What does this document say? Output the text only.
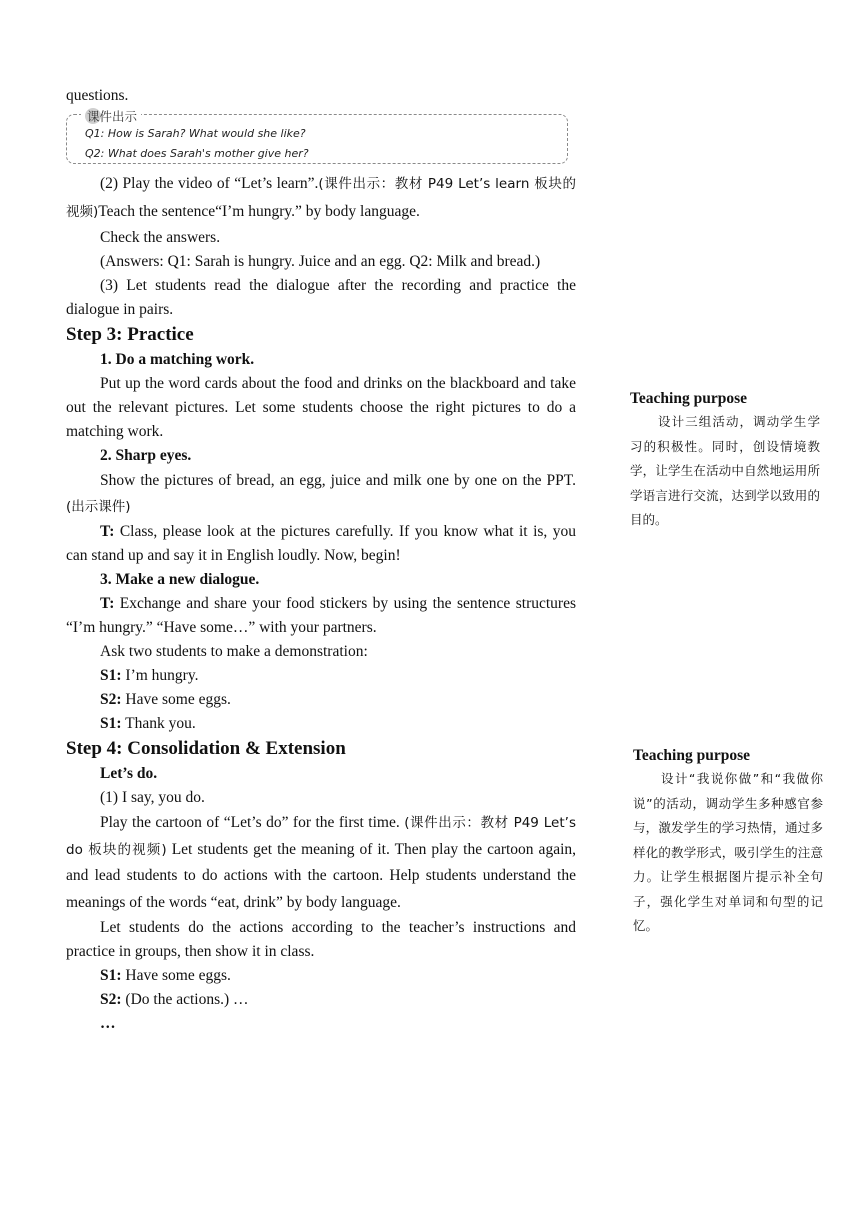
questions.

课件出示
Q1: How is Sarah? What would she like?
Q2: What does Sarah's mother give her?

(2) Play the video of “Let’s learn”.(课件出示：教材 P49 Let’s learn 板块的视频)Teach the sentence“I’m hungry.” by body language.

Check the answers.

(Answers: Q1: Sarah is hungry. Juice and an egg. Q2: Milk and bread.)

(3) Let students read the dialogue after the recording and practice the dialogue in pairs.

Step 3: Practice

1. Do a matching work.

Put up the word cards about the food and drinks on the blackboard and take out the relevant pictures. Let some students choose the right pictures to do a matching work.

2. Sharp eyes.

Show the pictures of bread, an egg, juice and milk one by one on the PPT.(出示课件)

T: Class, please look at the pictures carefully. If you know what it is, you can stand up and say it in English loudly. Now, begin!

3. Make a new dialogue.

T: Exchange and share your food stickers by using the sentence structures “I’m hungry.” “Have some…” with your partners.

Ask two students to make a demonstration:

S1: I’m hungry.

S2: Have some eggs.

S1: Thank you.

Step 4: Consolidation & Extension

Let’s do.

(1) I say, you do.

Play the cartoon of “Let’s do” for the first time. (课件出示：教材 P49 Let’s do 板块的视频) Let students get the meaning of it. Then play the cartoon again, and lead students to do actions with the cartoon. Help students understand the meanings of the words “eat, drink” by body language.

Let students do the actions according to the teacher’s instructions and practice in groups, then show it in class.

S1: Have some eggs.

S2: (Do the actions.) …

…

Teaching purpose

设计三组活动，调动学生学习的积极性。同时，创设情境教学，让学生在活动中自然地运用所学语言进行交流，达到学以致用的目的。

Teaching purpose

设计“我说你做”和“我做你说”的活动，调动学生多种感官参与，激发学生的学习热情，通过多样化的教学形式，吸引学生的注意力。让学生根据图片提示补全句子，强化学生对单词和句型的记忆。
